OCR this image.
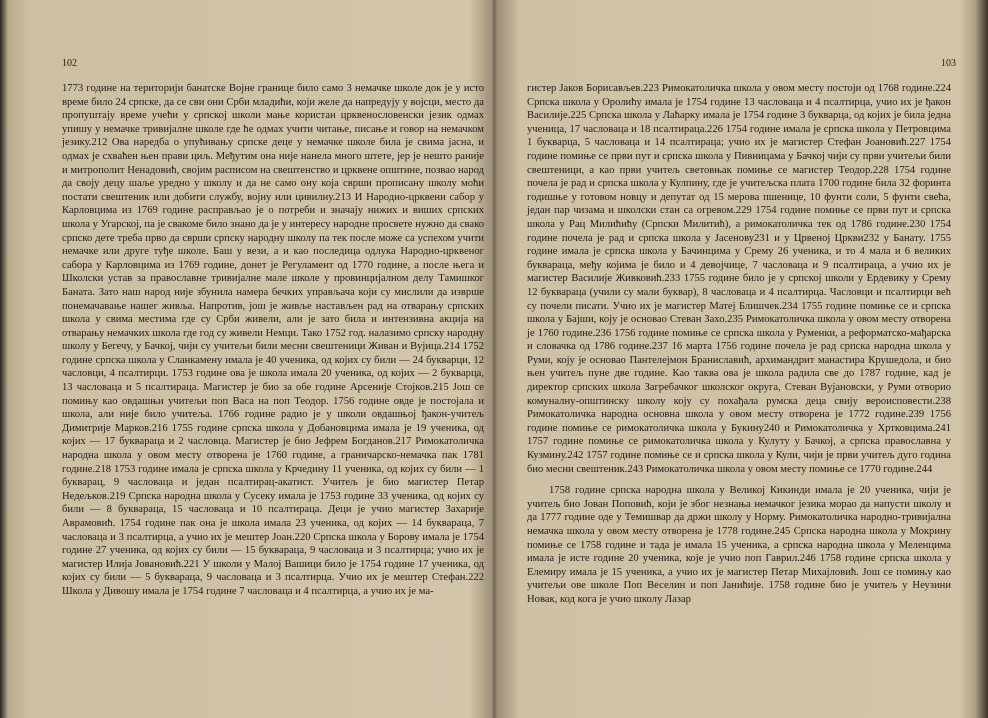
102

1773 године на територији банатске Војне границе било само 3 немачке школе док је у исто време било 24 српске, да се сви они Срби младићи, који желе да напредују у војсци, место да пропуштају време учећи у српској школи мање користан црквенословенски језик одмах упишу у немачке тривијалне школе где ће одмах учити читање, писање и говор на немачком језику.212 Ова наредба о упућивању српске деце у немачке школе била је свима јасна, и одмах је схваћен њен прави циљ. Међутим она није нанела много штете, јер је нешто раније и митрополит Ненадовић, својим расписом на свештенство и црквене општине, позвао народ да своју децу шаље уредно у школу и да не само ону која сврши прописану школу моћи постати свештеник или добити службу, војну или цивилну.213 И Народно-црквени сабор у Карловцима из 1769 године расправљао је о потреби и значају нижих и виших српских школа у Угарској, па је свакоме било знано да је у интересу народне просвете нужно да свако српско дете треба прво да сврши српску народну школу па тек после може са успехом учити немачке или друге туђе школе. Баш у вези, а и као последица одлука Народно-црквеног сабора у Карловцима из 1769 године, донет је Регуламент од 1770 године, а после њега и Школски устав за православне тривијалне мале школе у провинцијалном делу Тамишког Баната. Зато наш народ није збунила намера бечких управљача који су мислили да изврше понемачавање нашег живља. Напротив, још је живље настављен рад на отварању српских школа у свима местима где су Срби живели, али је зато била и интензивна акција на отварању немачких школа где год су живели Немци. Тако 1752 год. налазимо српску народну школу у Бегечу, у Бачкој, чији су учитељи били месни свештеници Живан и Вујица.214 1752 године српска школа у Сланкамену имала је 40 ученика, од којих су били — 24 букварци, 12 часловци, 4 псалтирци. 1753 године ова је школа имала 20 ученика, од којих — 2 букварца, 13 часловаца и 5 псалтираца. Магистер је био за обе године Арсеније Стојков.215 Још се помињу као овдашњи учитељи поп Васа на поп Теодор. 1756 године овде је постојала и школа, али није било учитеља. 1766 године радио је у школи овдашњој ђакон-учитељ Димитрије Марков.216 1755 године српска школа у Добановцима имала је 19 ученика, од којих — 17 букварaца и 2 часловца. Магистер је био Јефрем Богданов.217 Римокатоличка народна школа у овом месту отворена је 1760 године, а граничарско-немачка пак 1781 године.218 1753 године имала је српска школа у Крчедину 11 ученика, од којих су били — 1 букварац, 9 часловаца и један псалтирац-акатист. Учитељ је био магистер Петар Недељков.219 Српска народна школа у Сусеку имала је 1753 године 33 ученика, од којих су били — 8 букварaца, 15 часловаца и 10 псалтираца. Деци је учио магистер Захарије Аврамовић. 1754 године пак она је школа имала 23 ученика, од којих — 14 букварaца, 7 часловаца и 3 псалтирца, а учио их је мештер Јоан.220 Српска школа у Борову имала је 1754 године 27 ученика, од којих су били — 15 букварaца, 9 часловаца и 3 псалтирца; учио их је магистер Илија Јовановић.221 У школи у Малој Вашици било је 1754 године 17 ученика, од којих су били — 5 букварaца, 9 часловаца и 3 псалтирца. Учио их је мештер Стефан.222 Школа у Дивошу имала је 1754 године 7 часловаца и 4 псалтирца, а учио их је ма-

103

гистер Јаков Борисављев.223 Римокатоличка школа у овом месту постоји од 1768 године.224 Српска школа у Оролићу имала је 1754 године 13 часловаца и 4 псалтирца, учио их је ђакон Василије.225 Српска школа у Лаћарку имала је 1754 године 3 букварца, од којих је била једна ученица, 17 часловаца и 18 псалтираца.226 1754 године имала је српска школа у Петровцима 1 букварца, 5 часловаца и 14 псалтираца; учио их је магистер Стефан Јоановић.227 1754 године помиње се први пут и српска школа у Пивницама у Бачкој чији су први учитељи били свештеници, а као први учитељ световњак помиње се магистер Теодор.228 1754 године почела је рад и српска школа у Кулпину, где је учитељска плата 1700 године била 32 форинта годишње у готовом новцу и депутат од 15 мерова пшенице, 10 фунти соли, 5 фунти свећа, један пар чизама и школски стан са огревом.229 1754 године помиње се први пут и српска школа у Рац Милићићу (Српски Милитић), а римокатоличка тек од 1786 године.230 1754 године почела је рад и српска школа у Јасенову231 и у Црвеној Цркви232 у Банату. 1755 године имала је српска школа у Бачинцима у Срему 26 ученика, и то 4 мала и 6 великих букварaца, међу којима је било и 4 девојчице, 7 часловаца и 9 псалтираца, а учио их је магистер Василије Живковић.233 1755 године било је у српској школи у Ердевику у Срему 12 букварaца (учили су мали буквар), 8 часловаца и 4 псалтирца. Часловци и псалтирци већ су почели писати. Учио их је магистер Матеј Блишчек.234 1755 године помиње се и српска школа у Бајши, коју је основао Стеван Захо.235 Римокатоличка школа у овом месту отворена је 1760 године.236 1756 године помиње се српска школа у Руменки, а реформатско-мађарска и словачка од 1786 године.237 16 марта 1756 године почела је рад српска народна школа у Руми, коју је основао Пантелејмон Браниславић, архимандрит манастира Крушедола, и био њен учитељ пуне две године. Као таква ова је школа радила све до 1787 године, кад је директор српских школа Загребачког школског округа, Стеван Вујановски, у Руми отворио комуналну-општинску школу коју су похађала румска деца свију вероисповести.238 Римокатоличка народна основна школа у овом месту отворена је 1772 године.239 1756 године помиње се римокатоличка школа у Букину240 и Римокатоличка у Хртковцима.241 1757 године помиње се римокатоличка школа у Кулуту у Бачкој, а српска православна у Кузмину.242 1757 године помиње се и српска школа у Кули, чији је први учитељ дуго година био месни свештеник.243 Римокатоличка школа у овом месту помиње се 1770 године.244

1758 године српска народна школа у Великој Кикинди имала је 20 ученика, чији је учитељ био Јован Поповић, који је због незнања немачког језика морао да напусти школу и да 1777 године оде у Темишвар да држи школу у Норму. Римокатоличка народно-тривијална немачка школа у овом месту отворена је 1778 године.245 Српска народна школа у Мокрину помиње се 1758 године и тада је имала 15 ученика, а српска народна школа у Меленцима имала је исте године 20 ученика, које је учио поп Гаврил.246 1758 године српска школа у Елемиру имала је 15 ученика, а учио их је магистер Петар Михајловић. Још се помињу као учитељи ове школе Поп Веселин и поп Јанићије. 1758 године био је учитељ у Неузини Новак, код кога је учио школу Лазар
